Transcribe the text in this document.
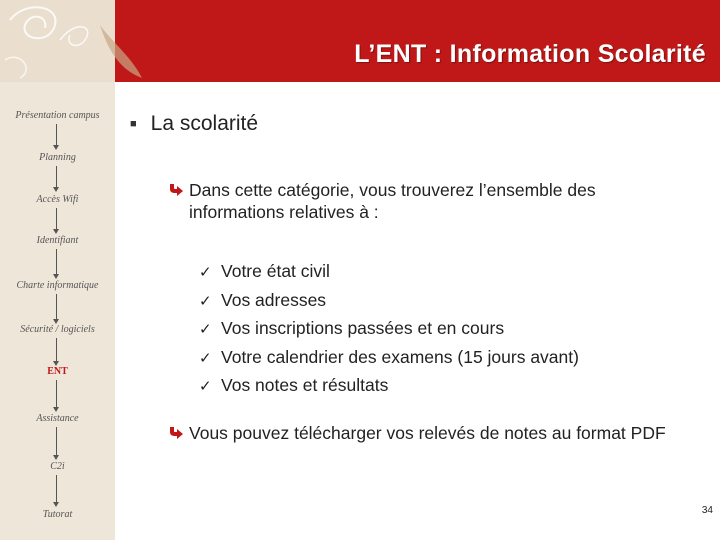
L’ENT : Information Scolarité
Présentation campus
Planning
Accès Wifi
Identifiant
Charte informatique
Sécurité / logiciels
ENT
Assistance
C2i
Tutorat
■ La scolarité
Dans cette catégorie, vous trouverez l’ensemble des informations relatives à :
✓ Votre état civil
✓ Vos adresses
✓ Vos inscriptions passées et en cours
✓ Votre calendrier des examens (15 jours avant)
✓ Vos notes et résultats
Vous pouvez télécharger vos relevés de notes au format PDF
34
